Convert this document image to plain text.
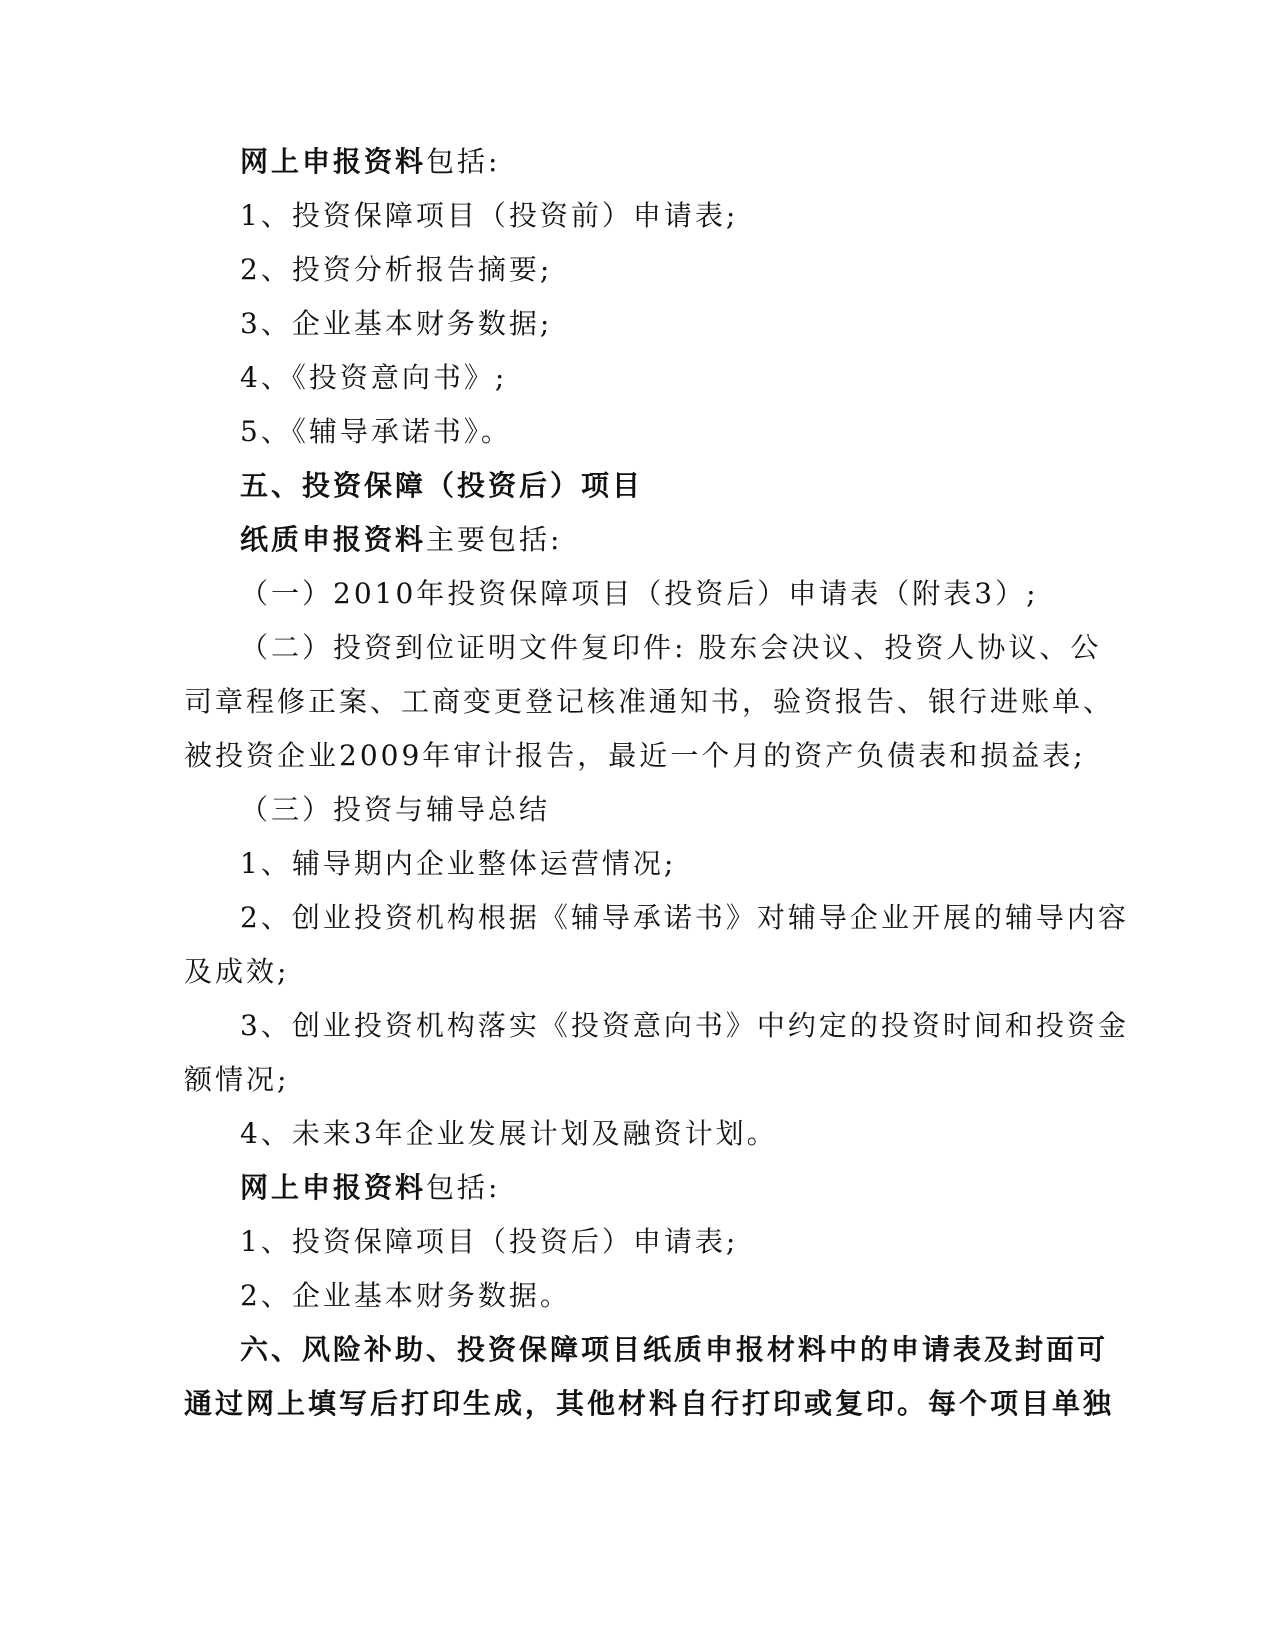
网上申报资料包括:
1、投资保障项目（投资前）申请表;
2、投资分析报告摘要;
3、企业基本财务数据;
4、《投资意向书》;
5、《辅导承诺书》。
五、投资保障（投资后）项目
纸质申报资料主要包括:
（一）2010年投资保障项目（投资后）申请表（附表3）;
（二）投资到位证明文件复印件: 股东会决议、投资人协议、公
司章程修正案、工商变更登记核准通知书，验资报告、银行进账单、
被投资企业2009年审计报告，最近一个月的资产负债表和损益表;
（三）投资与辅导总结
1、辅导期内企业整体运营情况;
2、创业投资机构根据《辅导承诺书》对辅导企业开展的辅导内容
及成效;
3、创业投资机构落实《投资意向书》中约定的投资时间和投资金
额情况;
4、未来3年企业发展计划及融资计划。
网上申报资料包括:
1、投资保障项目（投资后）申请表;
2、企业基本财务数据。
六、风险补助、投资保障项目纸质申报材料中的申请表及封面可
通过网上填写后打印生成，其他材料自行打印或复印。每个项目单独
